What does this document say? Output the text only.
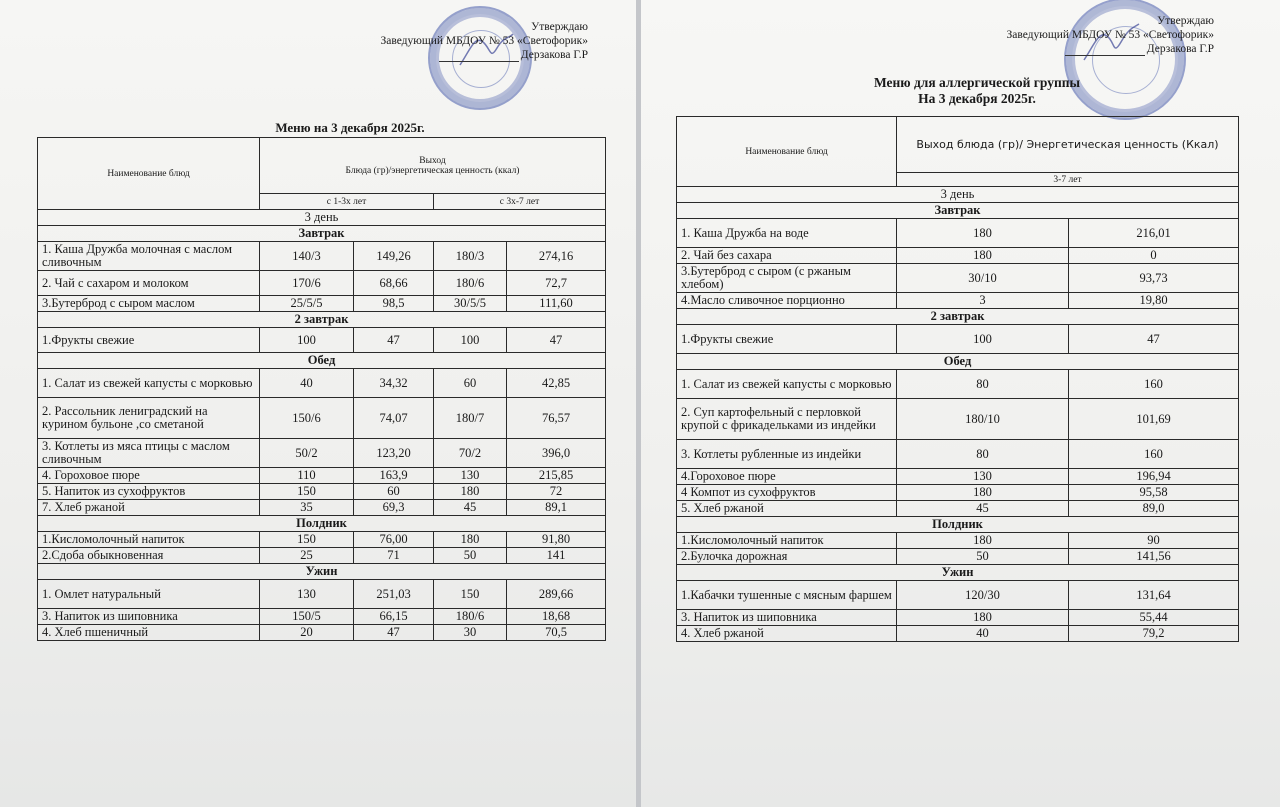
Утверждаю
Заведующий МБДОУ № 53 «Светофорик»
Дерзакова Г.Р
Меню на 3 декабря 2025г.
Наименование блюд	Выход
Блюда (гр)/энергетическая ценность (ккал)			

	с 1-3х лет		с 3х-7 лет	
3 день				
Завтрак				
1. Каша Дружба молочная с маслом сливочным	140/3	149,26	180/3	274,16
2. Чай с сахаром и молоком	170/6	68,66	180/6	72,7
3.Бутерброд с сыром маслом	25/5/5	98,5	30/5/5	111,60
2 завтрак				
1.Фрукты свежие	100	47	100	47
Обед				
1. Салат из свежей капусты с морковью	40	34,32	60	42,85
2. Рассольник лениградский на курином бульоне ,со сметаной	150/6	74,07	180/7	76,57
3. Котлеты из мяса птицы с маслом сливочным	50/2	123,20	70/2	396,0
4. Гороховое пюре	110	163,9	130	215,85
5. Напиток из сухофруктов	150	60	180	72
7. Хлеб ржаной	35	69,3	45	89,1
Полдник				
1.Кисломолочный напиток	150	76,00	180	91,80
2.Сдоба обыкновенная	25	71	50	141
Ужин				
1. Омлет натуральный	130	251,03	150	289,66
3. Напиток из шиповника	150/5	66,15	180/6	18,68
4. Хлеб пшеничный	20	47	30	70,5
Утверждаю
Заведующий МБДОУ № 53 «Светофорик»
Дерзакова Г.Р
Меню для аллергической группы
На 3 декабря 2025г.
Наименование блюд	Выход блюда (гр)/ Энергетическая ценность (Ккал)	
	3-7 лет	
3 день		
Завтрак		
1. Каша Дружба на воде	180	216,01
2. Чай без сахара	180	0
3.Бутерброд с сыром (с ржаным хлебом)	30/10	93,73
4.Масло сливочное порционно	3	19,80
2 завтрак		
1.Фрукты свежие	100	47
Обед		
1. Салат из свежей капусты с морковью	80	160
2. Суп картофельный с перловкой крупой с фрикадельками из индейки	180/10	101,69
3. Котлеты рубленные из индейки	80	160
4.Гороховое пюре	130	196,94
4 Компот из сухофруктов	180	95,58
5. Хлеб ржаной	45	89,0
Полдник		
1.Кисломолочный напиток	180	90
2.Булочка дорожная	50	141,56
Ужин		
1.Кабачки тушенные с мясным фаршем	120/30	131,64
3. Напиток из шиповника	180	55,44
4. Хлеб ржаной	40	79,2
